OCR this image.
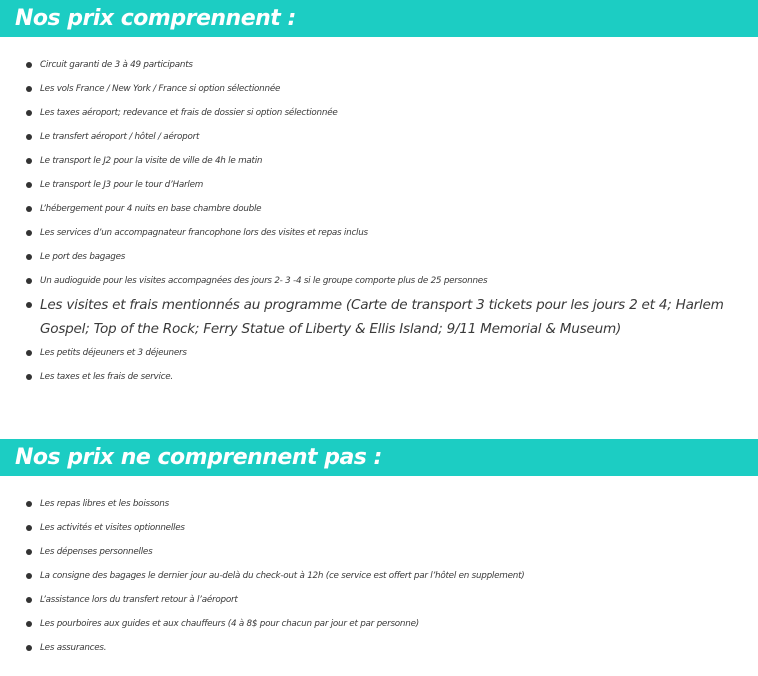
Nos prix comprennent :
Circuit garanti de 3 à 49 participants
Les vols France / New York / France si option sélectionnée
Les taxes aéroport; redevance et frais de dossier si option sélectionnée
Le transfert aéroport / hôtel / aéroport
Le transport le J2 pour la visite de ville de 4h le matin
Le transport le J3 pour le tour d’Harlem
L’hébergement pour 4 nuits en base chambre double
Les services d’un accompagnateur francophone lors des visites et repas inclus
Le port des bagages
Un audioguide pour les visites accompagnées des jours 2- 3 -4 si le groupe comporte plus de 25 personnes
Les visites et frais mentionnés au programme (Carte de transport 3 tickets pour les jours 2 et 4; Harlem Gospel; Top of the Rock; Ferry Statue of Liberty & Ellis Island; 9/11 Memorial & Museum)
Les petits déjeuners et 3 déjeuners
Les taxes et les frais de service.
Nos prix ne comprennent pas :
Les repas libres et les boissons
Les activités et visites optionnelles
Les dépenses personnelles
La consigne des bagages le dernier jour au-delà du check-out à 12h (ce service est offert par l’hôtel en supplement)
L’assistance lors du transfert retour à l’aéroport
Les pourboires aux guides et aux chauffeurs (4 à 8$ pour chacun par jour et par personne)
Les assurances.
